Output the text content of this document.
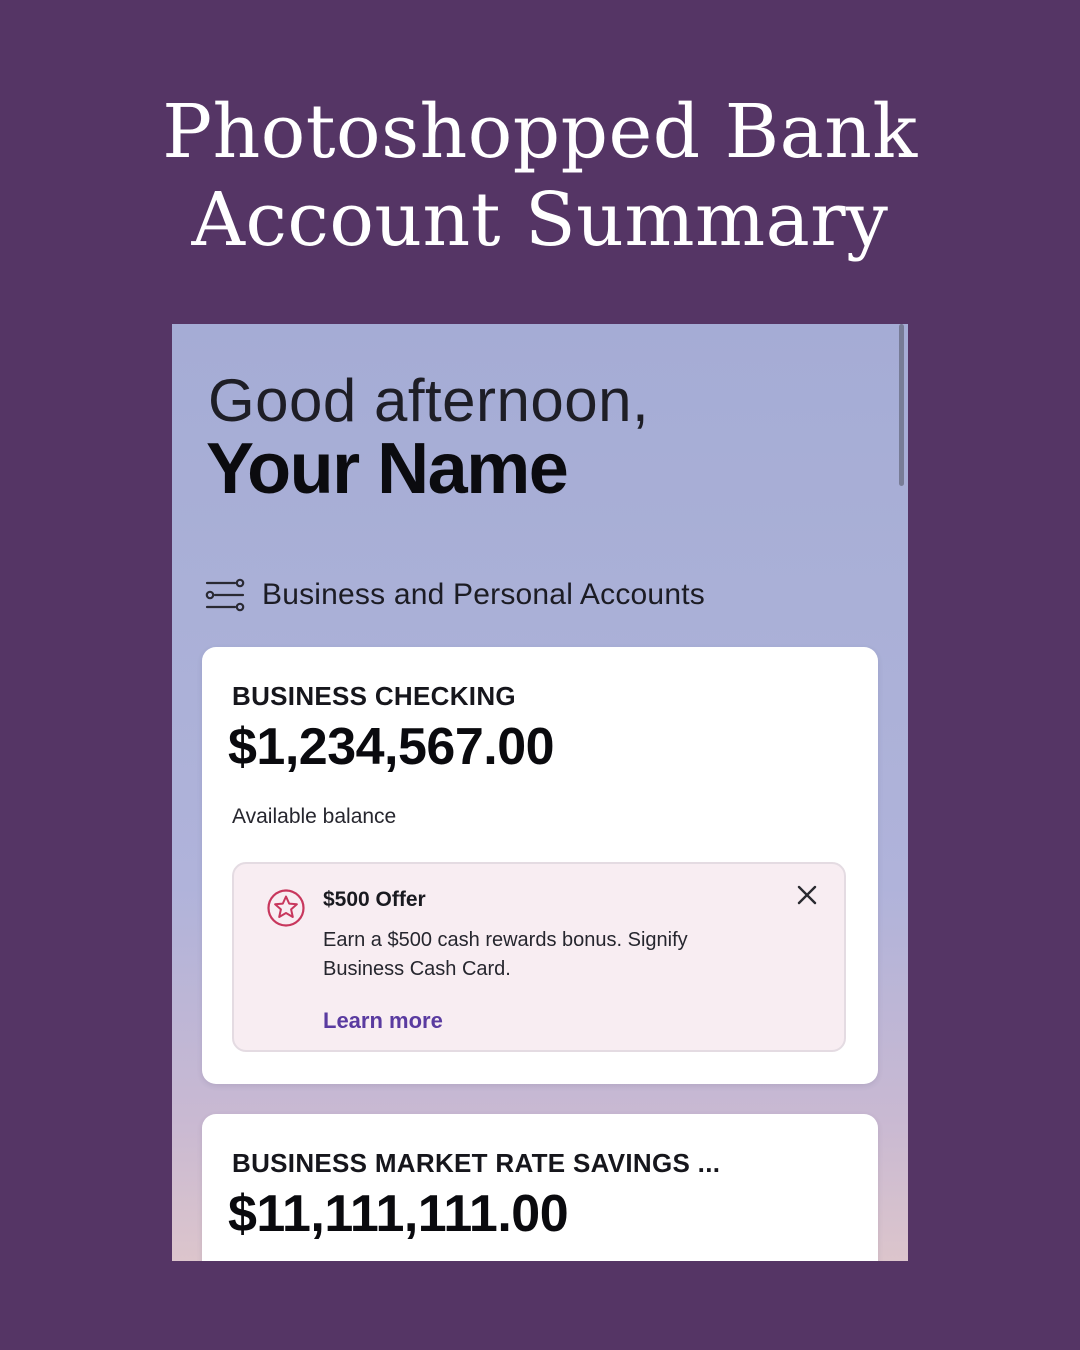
Photoshopped Bank
Account Summary
Good afternoon,
Your Name
Business and Personal Accounts
BUSINESS CHECKING
$1,234,567.00
Available balance
$500 Offer
Earn a $500 cash rewards bonus. Signify Business Cash Card.
Learn more
BUSINESS MARKET RATE SAVINGS ...
$11,111,111.00
